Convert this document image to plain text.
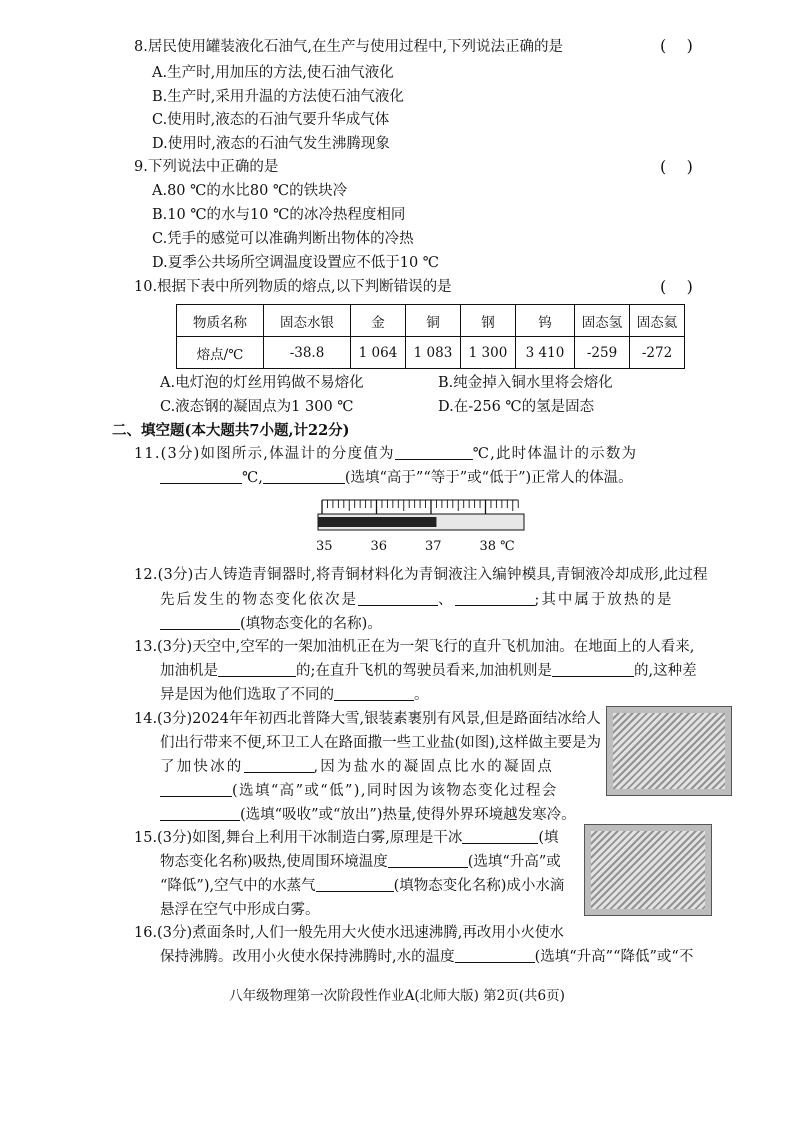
8.居民使用罐装液化石油气,在生产与使用过程中,下列说法正确的是	(    )
A.生产时,用加压的方法,使石油气液化
B.生产时,采用升温的方法使石油气液化
C.使用时,液态的石油气要升华成气体
D.使用时,液态的石油气发生沸腾现象
9.下列说法中正确的是	(    )
A.80 ℃的水比80 ℃的铁块冷
B.10 ℃的水与10 ℃的冰冷热程度相同
C.凭手的感觉可以准确判断出物体的冷热
D.夏季公共场所空调温度设置应不低于10 ℃
10.根据下表中所列物质的熔点,以下判断错误的是	(    )
物质名称	固态水银	金	铜	钢	钨	固态氢	固态氦
熔点/℃	-38.8	1 064	1 083	1 300	3 410	-259	-272
A.电灯泡的灯丝用钨做不易熔化	B.纯金掉入铜水里将会熔化
C.液态钢的凝固点为1 300 ℃	D.在-256 ℃的氢是固态
二、填空题(本大题共7小题,计22分)
11.(3分)如图所示,体温计的分度值为	℃,此时体温计的示数为
℃,	(选填“高于”“等于”或“低于”)正常人的体温。
35	36	37	38 ℃
12.(3分)古人铸造青铜器时,将青铜材料化为青铜液注入编钟模具,青铜液冷却成形,此过程
先后发生的物态变化依次是	、	;其中属于放热的是
(填物态变化的名称)。
13.(3分)天空中,空军的一架加油机正在为一架飞行的直升飞机加油。在地面上的人看来,
加油机是	的;在直升飞机的驾驶员看来,加油机则是	的,这种差
异是因为他们选取了不同的	。
14.(3分)2024年年初西北普降大雪,银装素裹别有风景,但是路面结冰给人
们出行带来不便,环卫工人在路面撒一些工业盐(如图),这样做主要是为
了加快冰的	,因为盐水的凝固点比水的凝固点
(选填“高”或“低”),同时因为该物态变化过程会
(选填“吸收”或“放出”)热量,使得外界环境越发寒冷。
15.(3分)如图,舞台上利用干冰制造白雾,原理是干冰	(填
物态变化名称)吸热,使周围环境温度	(选填“升高”或
“降低”),空气中的水蒸气	(填物态变化名称)成小水滴
悬浮在空气中形成白雾。
16.(3分)煮面条时,人们一般先用大火使水迅速沸腾,再改用小火使水
保持沸腾。改用小火使水保持沸腾时,水的温度	(选填“升高”“降低”或“不
八年级物理第一次阶段性作业A(北师大版) 第2页(共6页)
